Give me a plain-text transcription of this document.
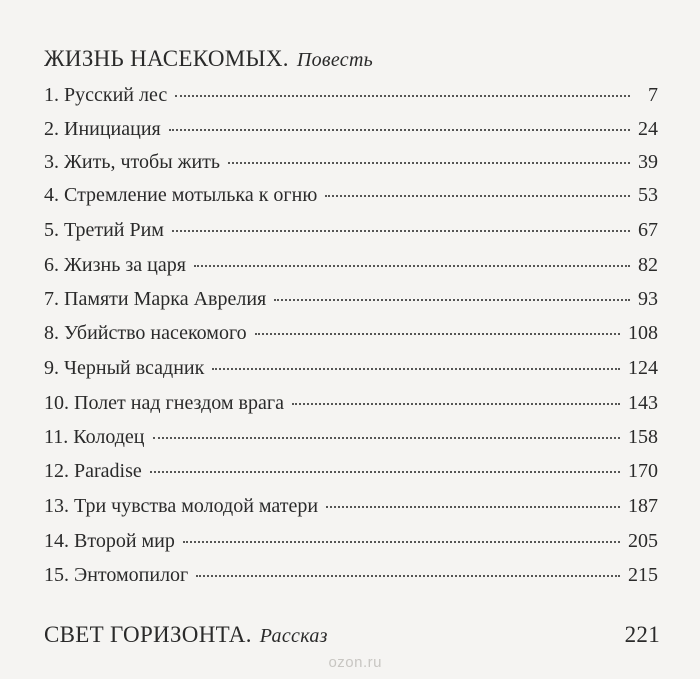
ЖИЗНЬ НАСЕКОМЫХ. Повесть
1. Русский лес	7
2. Инициация	24
3. Жить, чтобы жить	39
4. Стремление мотылька к огню	53
5. Третий Рим	67
6. Жизнь за царя	82
7. Памяти Марка Аврелия	93
8. Убийство насекомого	108
9. Черный всадник	124
10. Полет над гнездом врага	143
11. Колодец	158
12. Paradise	170
13. Три чувства молодой матери	187
14. Второй мир	205
15. Энтомопилог	215
СВЕТ ГОРИЗОНТА. Рассказ	221
ozon.ru
